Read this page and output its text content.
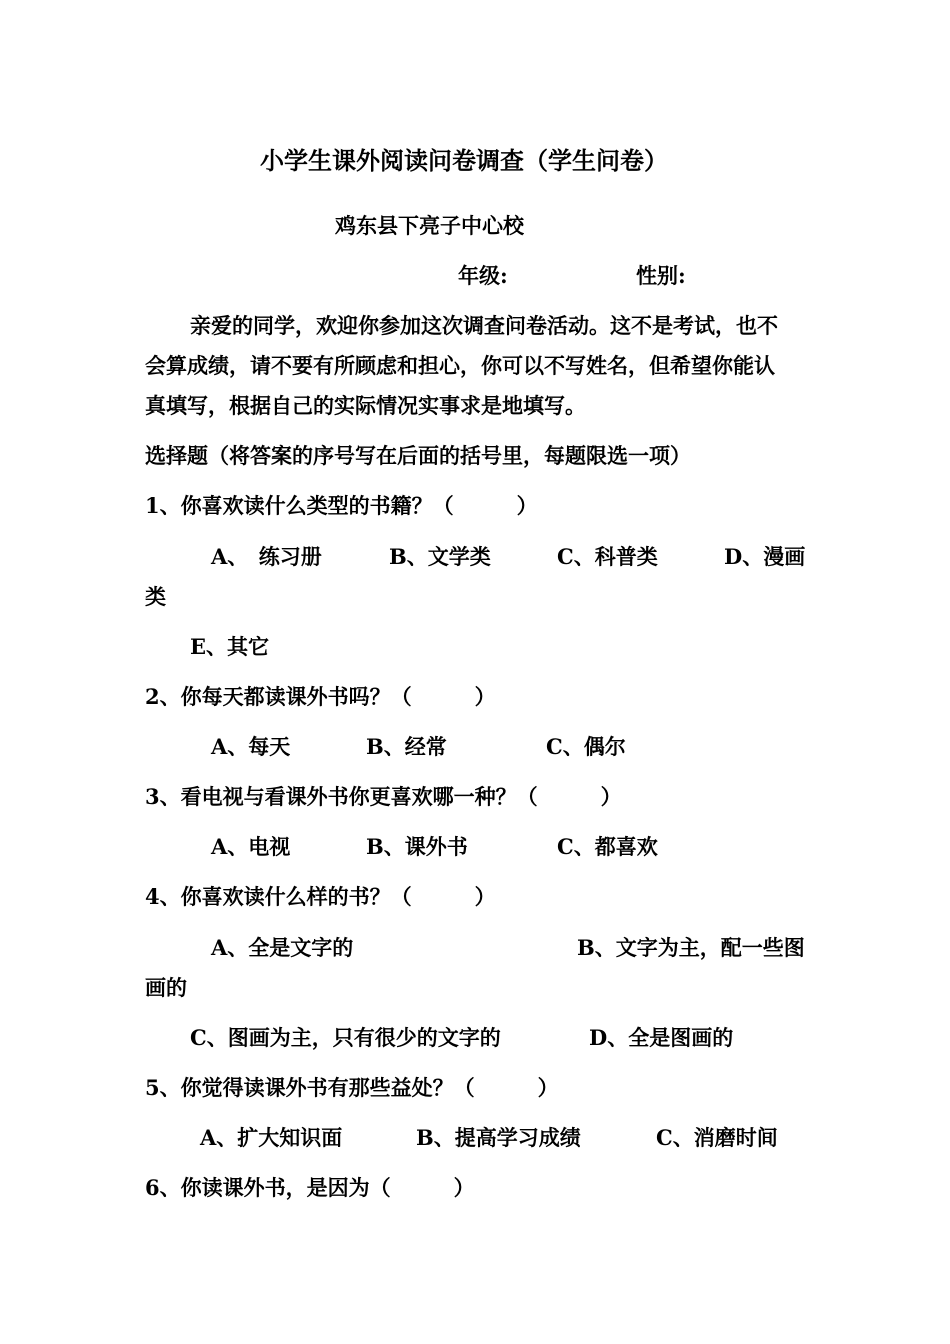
小学生课外阅读问卷调查（学生问卷）
鸡东县下亮子中心校
年级:	性别:
亲爱的同学，欢迎你参加这次调查问卷活动。这不是考试，也不
会算成绩，请不要有所顾虑和担心，你可以不写姓名，但希望你能认
真填写，根据自己的实际情况实事求是地填写。
选择题（将答案的序号写在后面的括号里，每题限选一项）
1、你喜欢读什么类型的书籍？（　　　）
A、　练习册	B、文学类	C、科普类	D、漫画
类
E、其它
2、你每天都读课外书吗？（　　　）
A、每天	B、经常	C、偶尔
3、看电视与看课外书你更喜欢哪一种？（　　　）
A、电视	B、课外书	C、都喜欢
4、你喜欢读什么样的书？（　　　）
A、全是文字的	B、文字为主，配一些图
画的
C、图画为主，只有很少的文字的	D、全是图画的
5、你觉得读课外书有那些益处？（　　　）
A、扩大知识面	B、提高学习成绩	C、消磨时间
6、你读课外书，是因为（　　　）
